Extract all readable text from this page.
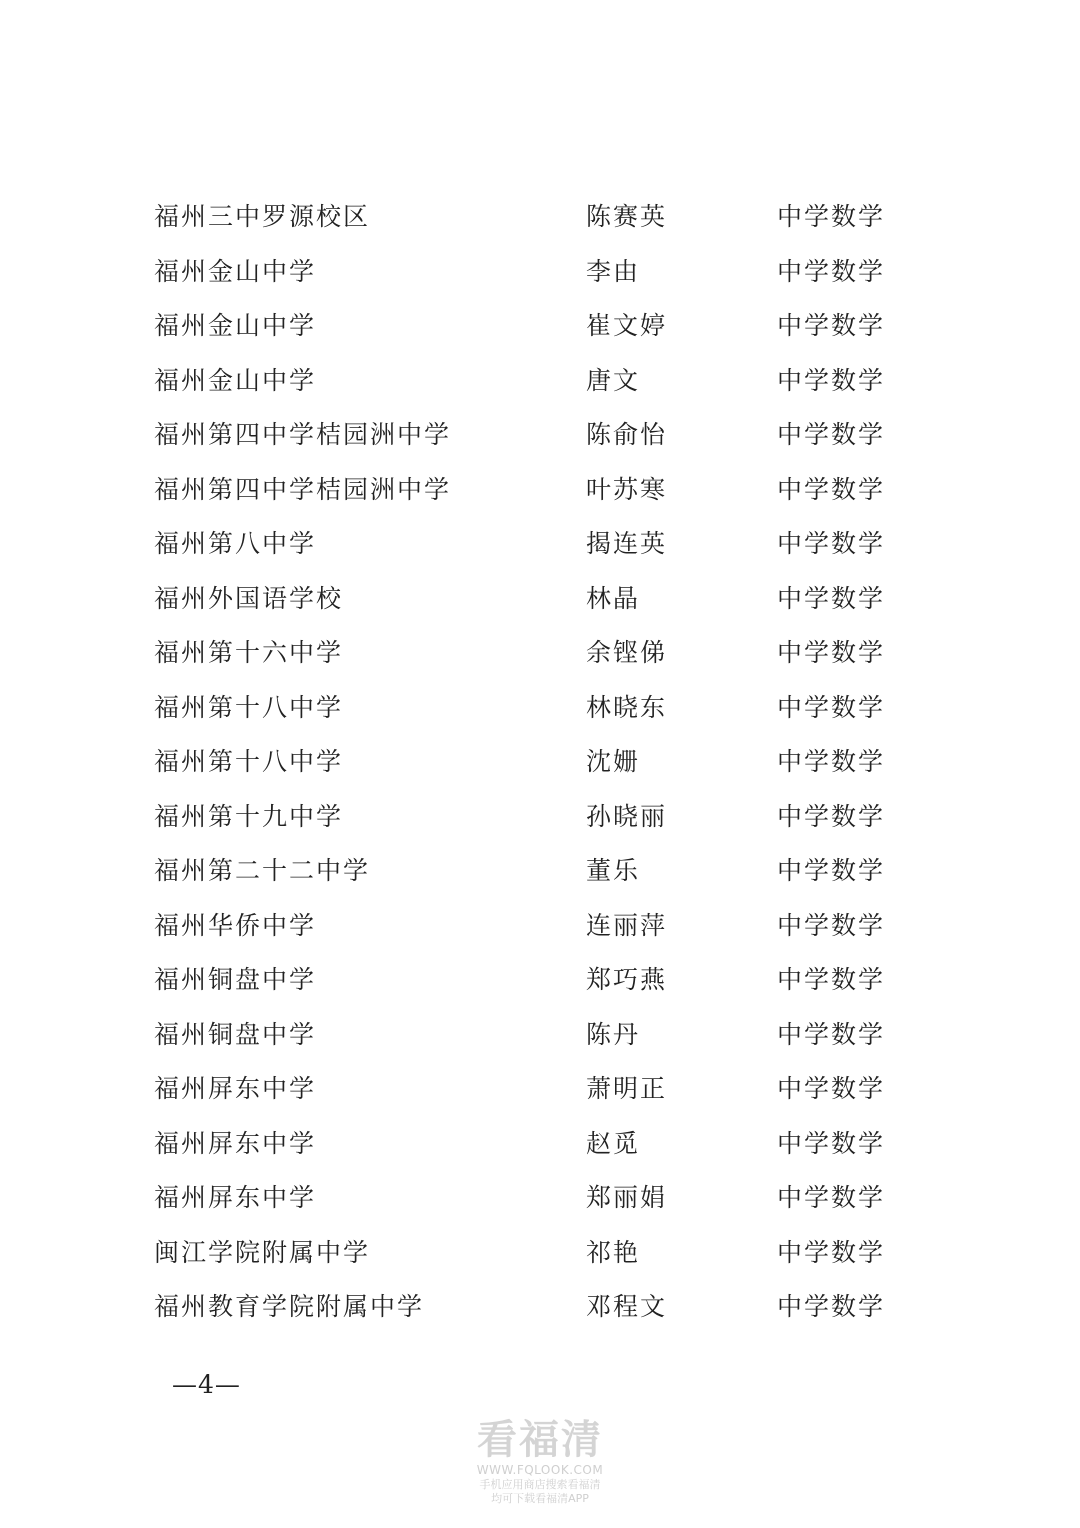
福州三中罗源校区	陈赛英	中学数学
福州金山中学	李由	中学数学
福州金山中学	崔文婷	中学数学
福州金山中学	唐文	中学数学
福州第四中学桔园洲中学	陈俞怡	中学数学
福州第四中学桔园洲中学	叶苏寒	中学数学
福州第八中学	揭连英	中学数学
福州外国语学校	林晶	中学数学
福州第十六中学	余铿俤	中学数学
福州第十八中学	林晓东	中学数学
福州第十八中学	沈姗	中学数学
福州第十九中学	孙晓丽	中学数学
福州第二十二中学	董乐	中学数学
福州华侨中学	连丽萍	中学数学
福州铜盘中学	郑巧燕	中学数学
福州铜盘中学	陈丹	中学数学
福州屏东中学	萧明正	中学数学
福州屏东中学	赵觅	中学数学
福州屏东中学	郑丽娟	中学数学
闽江学院附属中学	祁艳	中学数学
福州教育学院附属中学	邓程文	中学数学
—4—
看福清
WWW.FQLOOK.COM
手机应用商店搜索看福清
均可下载看福清APP
